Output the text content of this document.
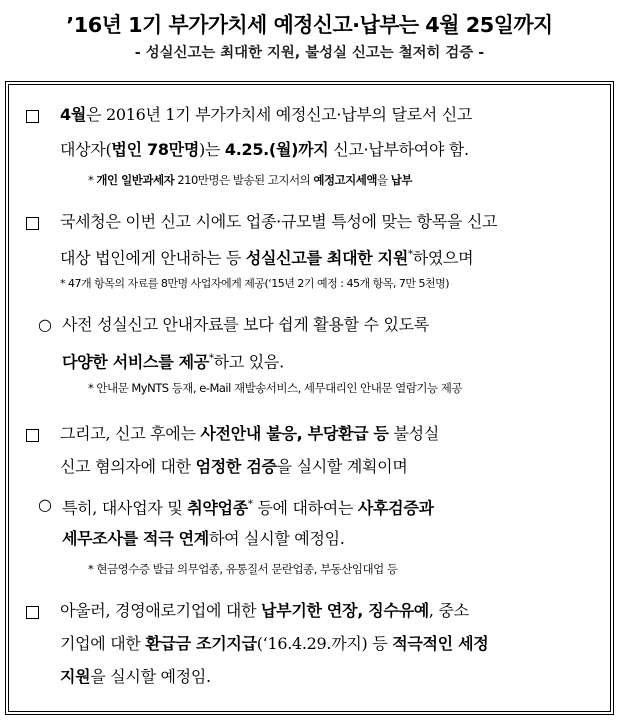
’16년 1기 부가가치세 예정신고·납부는 4월 25일까지
- 성실신고는 최대한 지원, 불성실 신고는 철저히 검증 -
4월은 2016년 1기 부가가치세 예정신고·납부의 달로서 신고
대상자(법인 78만명)는 4.25.(월)까지 신고·납부하여야 함.
* 개인 일반과세자 210만명은 발송된 고지서의 예정고지세액을 납부
국세청은 이번 신고 시에도 업종·규모별 특성에 맞는 항목을 신고
대상 법인에게 안내하는 등 성실신고를 최대한 지원*하였으며
* 47개 항목의 자료를 8만명 사업자에게 제공(‘15년 2기 예정 : 45개 항목, 7만 5천명)
○ 사전 성실신고 안내자료를 보다 쉽게 활용할 수 있도록
다양한 서비스를 제공*하고 있음.
* 안내문 MyNTS 등재, e-Mail 재발송서비스, 세무대리인 안내문 열람기능 제공
그리고, 신고 후에는 사전안내 불응, 부당환급 등 불성실
신고 혐의자에 대한 엄정한 검증을 실시할 계획이며
○ 특히, 대사업자 및 취약업종* 등에 대하여는 사후검증과
세무조사를 적극 연계하여 실시할 예정임.
* 현금영수증 발급 의무업종, 유통질서 문란업종, 부동산임대업 등
아울러, 경영애로기업에 대한 납부기한 연장, 징수유예, 중소
기업에 대한 환급금 조기지급(‘16.4.29.까지) 등 적극적인 세정
지원을 실시할 예정임.
